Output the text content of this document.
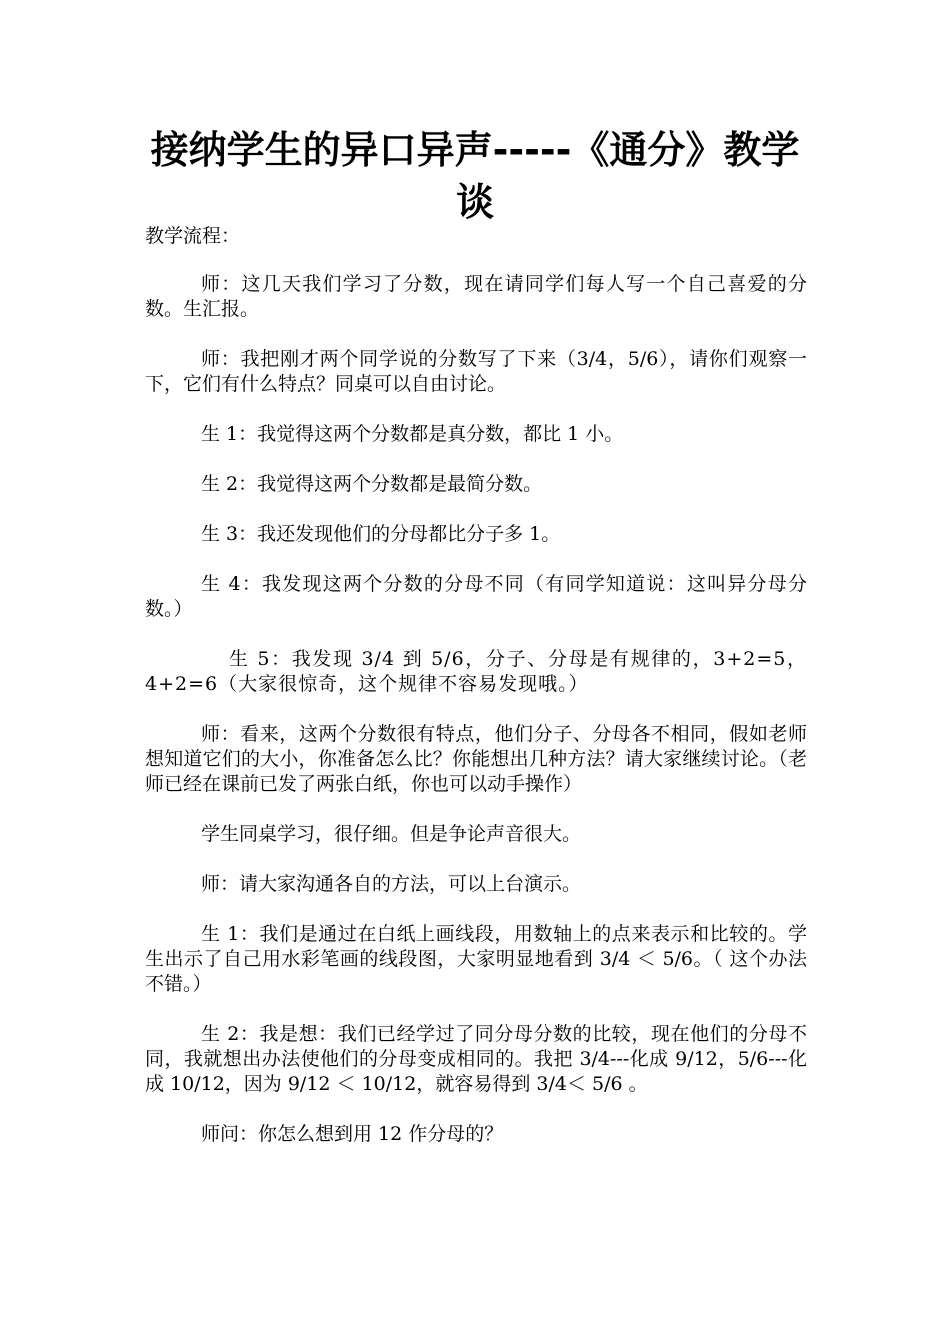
接纳学生的异口异声-----《通分》教学谈

教学流程：

师：这几天我们学习了分数，现在请同学们每人写一个自己喜爱的分数。生汇报。

师：我把刚才两个同学说的分数写了下来（3/4，5/6），请你们观察一下，它们有什么特点？同桌可以自由讨论。

生 1：我觉得这两个分数都是真分数，都比 1 小。

生 2：我觉得这两个分数都是最简分数。

生 3：我还发现他们的分母都比分子多 1。

生 4：我发现这两个分数的分母不同（有同学知道说：这叫异分母分数。）

生 5：我发现 3/4 到 5/6，分子、分母是有规律的，3+2=5，4+2=6（大家很惊奇，这个规律不容易发现哦。）

师：看来，这两个分数很有特点，他们分子、分母各不相同，假如老师想知道它们的大小，你准备怎么比？你能想出几种方法？请大家继续讨论。（老师已经在课前已发了两张白纸，你也可以动手操作）

学生同桌学习，很仔细。但是争论声音很大。

师：请大家沟通各自的方法，可以上台演示。

生 1：我们是通过在白纸上画线段，用数轴上的点来表示和比较的。学生出示了自己用水彩笔画的线段图，大家明显地看到 3/4 ＜ 5/6。（ 这个办法不错。）

生 2：我是想：我们已经学过了同分母分数的比较，现在他们的分母不同，我就想出办法使他们的分母变成相同的。我把 3/4---化成 9/12，5/6---化成 10/12，因为 9/12 ＜ 10/12，就容易得到 3/4＜ 5/6 。

师问：你怎么想到用 12 作分母的？
